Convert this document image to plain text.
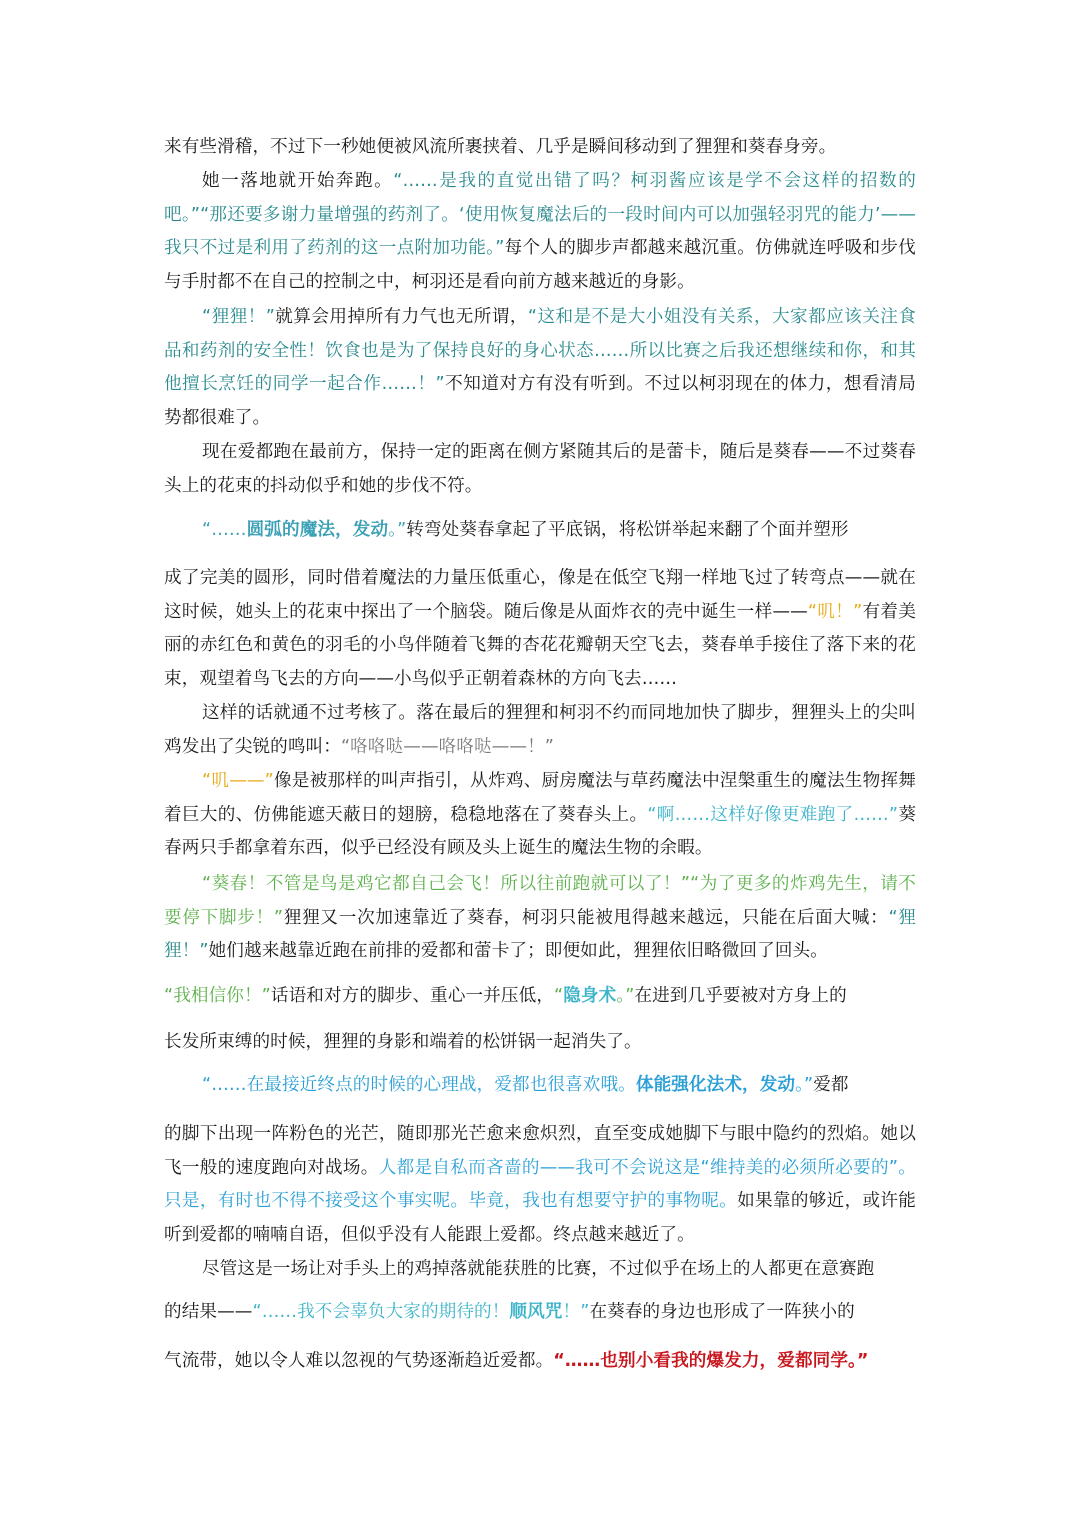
来有些滑稽，不过下一秒她便被风流所裹挟着、几乎是瞬间移动到了狸狸和葵春身旁。

她一落地就开始奔跑。“……是我的直觉出错了吗？柯羽酱应该是学不会这样的招数的吧。”“那还要多谢力量增强的药剂了。‘使用恢复魔法后的一段时间内可以加强轻羽咒的能力’——我只不过是利用了药剂的这一点附加功能。”每个人的脚步声都越来越沉重。仿佛就连呼吸和步伐与手肘都不在自己的控制之中，柯羽还是看向前方越来越近的身影。

“狸狸！”就算会用掉所有力气也无所谓，“这和是不是大小姐没有关系，大家都应该关注食品和药剂的安全性！饮食也是为了保持良好的身心状态……所以比赛之后我还想继续和你，和其他擅长烹饪的同学一起合作……！”不知道对方有没有听到。不过以柯羽现在的体力，想看清局势都很难了。

现在爱都跑在最前方，保持一定的距离在侧方紧随其后的是蕾卡，随后是葵春——不过葵春头上的花束的抖动似乎和她的步伐不符。

“……圆弧的魔法，发动。”转弯处葵春拿起了平底锅，将松饼举起来翻了个面并塑形

成了完美的圆形，同时借着魔法的力量压低重心，像是在低空飞翔一样地飞过了转弯点——就在这时候，她头上的花束中探出了一个脑袋。随后像是从面炸衣的壳中诞生一样——“叽！”有着美丽的赤红色和黄色的羽毛的小鸟伴随着飞舞的杏花花瓣朝天空飞去，葵春单手接住了落下来的花束，观望着鸟飞去的方向——小鸟似乎正朝着森林的方向飞去……

这样的话就通不过考核了。落在最后的狸狸和柯羽不约而同地加快了脚步，狸狸头上的尖叫鸡发出了尖锐的鸣叫：“咯咯哒——咯咯哒——！”

“叽——”像是被那样的叫声指引，从炸鸡、厨房魔法与草药魔法中涅槃重生的魔法生物挥舞着巨大的、仿佛能遮天蔽日的翅膀，稳稳地落在了葵春头上。“啊……这样好像更难跑了……”葵春两只手都拿着东西，似乎已经没有顾及头上诞生的魔法生物的余暇。

“葵春！不管是鸟是鸡它都自己会飞！所以往前跑就可以了！”“为了更多的炸鸡先生，请不要停下脚步！”狸狸又一次加速靠近了葵春，柯羽只能被甩得越来越远，只能在后面大喊：“狸狸！”她们越来越靠近跑在前排的爱都和蕾卡了；即便如此，狸狸依旧略微回了回头。

“我相信你！”话语和对方的脚步、重心一并压低，“隐身术。”在进到几乎要被对方身上的

长发所束缚的时候，狸狸的身影和端着的松饼锅一起消失了。

“……在最接近终点的时候的心理战，爱都也很喜欢哦。体能强化法术，发动。”爱都

的脚下出现一阵粉色的光芒，随即那光芒愈来愈炽烈，直至变成她脚下与眼中隐约的烈焰。她以飞一般的速度跑向对战场。人都是自私而吝啬的——我可不会说这是“维持美的必须所必要的”。只是，有时也不得不接受这个事实呢。毕竟，我也有想要守护的事物呢。如果靠的够近，或许能听到爱都的喃喃自语，但似乎没有人能跟上爱都。终点越来越近了。

尽管这是一场让对手头上的鸡掉落就能获胜的比赛，不过似乎在场上的人都更在意赛跑

的结果——“……我不会辜负大家的期待的！顺风咒！”在葵春的身边也形成了一阵狭小的

气流带，她以令人难以忽视的气势逐渐趋近爱都。“……也别小看我的爆发力，爱都同学。”
